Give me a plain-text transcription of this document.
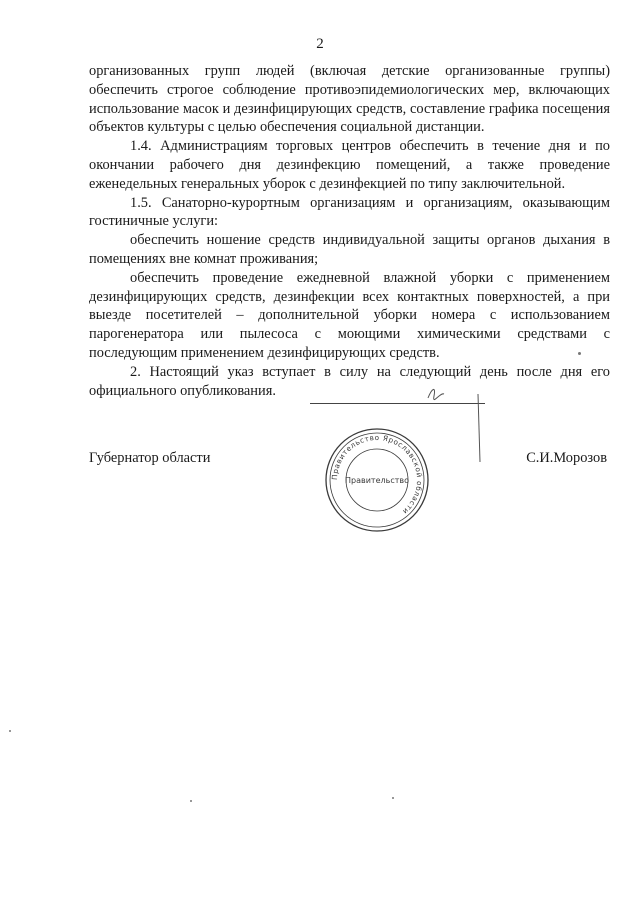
2

организованных групп людей (включая детские организованные группы) обеспечить строгое соблюдение противоэпидемиологических мер, включающих использование масок и дезинфицирующих средств, составление графика посещения объектов культуры с целью обеспечения социальной дистанции.

1.4. Администрациям торговых центров обеспечить в течение дня и по окончании рабочего дня дезинфекцию помещений, а также проведение еженедельных генеральных уборок с дезинфекцией по типу заключительной.

1.5. Санаторно-курортным организациям и организациям, оказывающим гостиничные услуги:

обеспечить ношение средств индивидуальной защиты органов дыхания в помещениях вне комнат проживания;

обеспечить проведение ежедневной влажной уборки с применением дезинфицирующих средств, дезинфекции всех контактных поверхностей, а при выезде посетителей – дополнительной уборки номера с использованием парогенератора или пылесоса с моющими химическими средствами с последующим применением дезинфицирующих средств.

2. Настоящий указ вступает в силу на следующий день после дня его официального опубликования.

Губернатор области	С.И.Морозов
Правительство Ярославской области
Правительство
